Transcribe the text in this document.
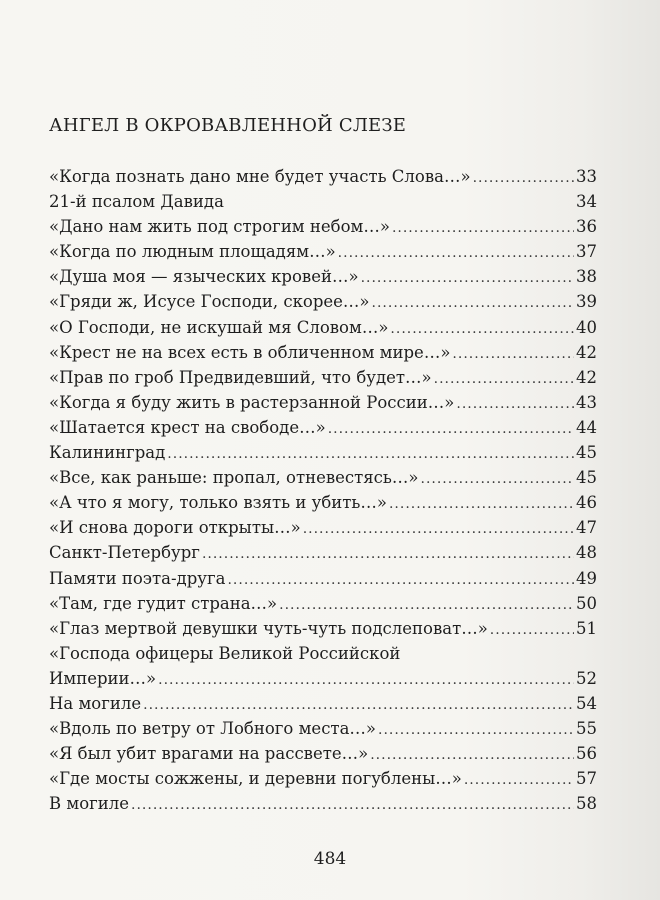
АНГЕЛ В ОКРОВАВЛЕННОЙ СЛЕЗЕ
«Когда познать дано мне будет участь Слова…» .....	33
21-й псалом Давида	34
«Дано нам жить под строгим небом…» .....	36
«Когда по людным площадям…» .....	37
«Душа моя — языческих кровей…» .....	38
«Гряди ж, Исусе Господи, скорее…» .....	39
«О Господи, не искушай мя Словом…» .....	40
«Крест не на всех есть в обличенном мире…» .....	42
«Прав по гроб Предвидевший, что будет…» .....	42
«Когда я буду жить в растерзанной России…» .....	43
«Шатается крест на свободе…» .....	44
Калининград .....	45
«Все, как раньше: пропал, отневестясь…» .....	45
«А что я могу, только взять и убить…» .....	46
«И снова дороги открыты…» .....	47
Санкт-Петербург .....	48
Памяти поэта-друга .....	49
«Там, где гудит страна…» .....	50
«Глаз мертвой девушки чуть-чуть подслеповат…» .....	51
«Господа офицеры Великой Российской
Империи…» .....	52
На могиле .....	54
«Вдоль по ветру от Лобного места…» .....	55
«Я был убит врагами на рассвете…» .....	56
«Где мосты сожжены, и деревни погублены…» .....	57
В могиле .....	58
484
